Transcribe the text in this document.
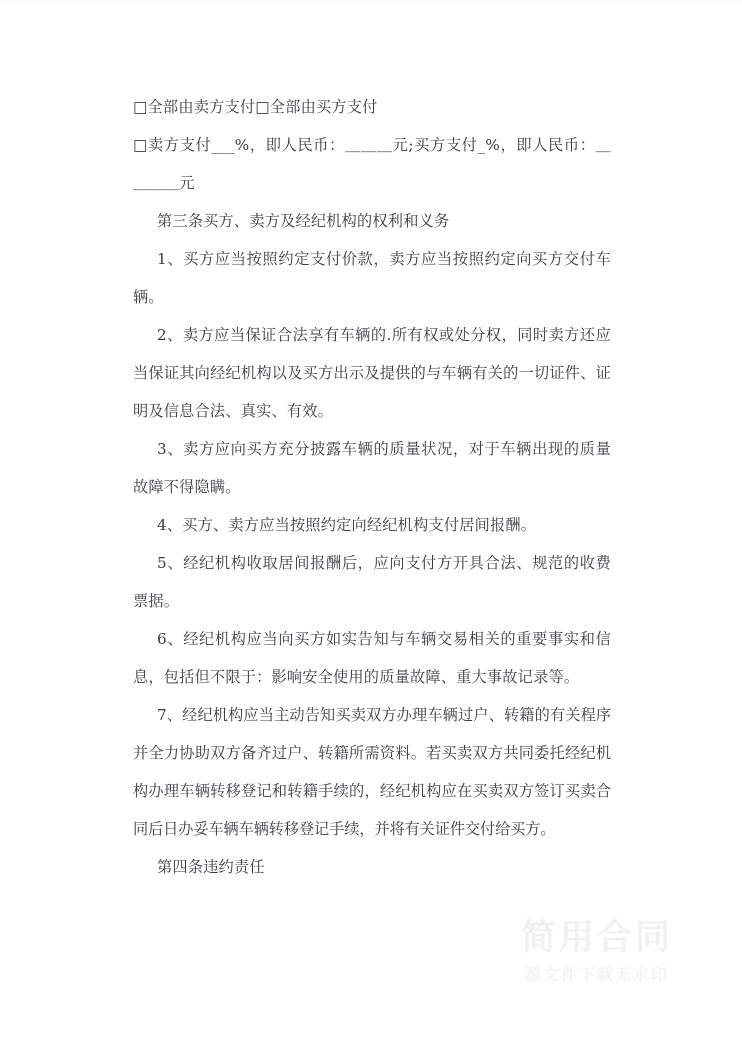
□全部由卖方支付□全部由买方支付

□卖方支付___%，即人民币：＿＿＿元;买方支付_%，即人民币：＿＿＿＿元

第三条买方、卖方及经纪机构的权利和义务

1、买方应当按照约定支付价款，卖方应当按照约定向买方交付车辆。

2、卖方应当保证合法享有车辆的.所有权或处分权，同时卖方还应当保证其向经纪机构以及买方出示及提供的与车辆有关的一切证件、证明及信息合法、真实、有效。

3、卖方应向买方充分披露车辆的质量状况，对于车辆出现的质量故障不得隐瞒。

4、买方、卖方应当按照约定向经纪机构支付居间报酬。

5、经纪机构收取居间报酬后，应向支付方开具合法、规范的收费票据。

6、经纪机构应当向买方如实告知与车辆交易相关的重要事实和信息，包括但不限于：影响安全使用的质量故障、重大事故记录等。

7、经纪机构应当主动告知买卖双方办理车辆过户、转籍的有关程序并全力协助双方备齐过户、转籍所需资料。若买卖双方共同委托经纪机构办理车辆转移登记和转籍手续的，经纪机构应在买卖双方签订买卖合同后日办妥车辆车辆转移登记手续，并将有关证件交付给买方。

第四条违约责任

简用合同
源文件下载无水印
